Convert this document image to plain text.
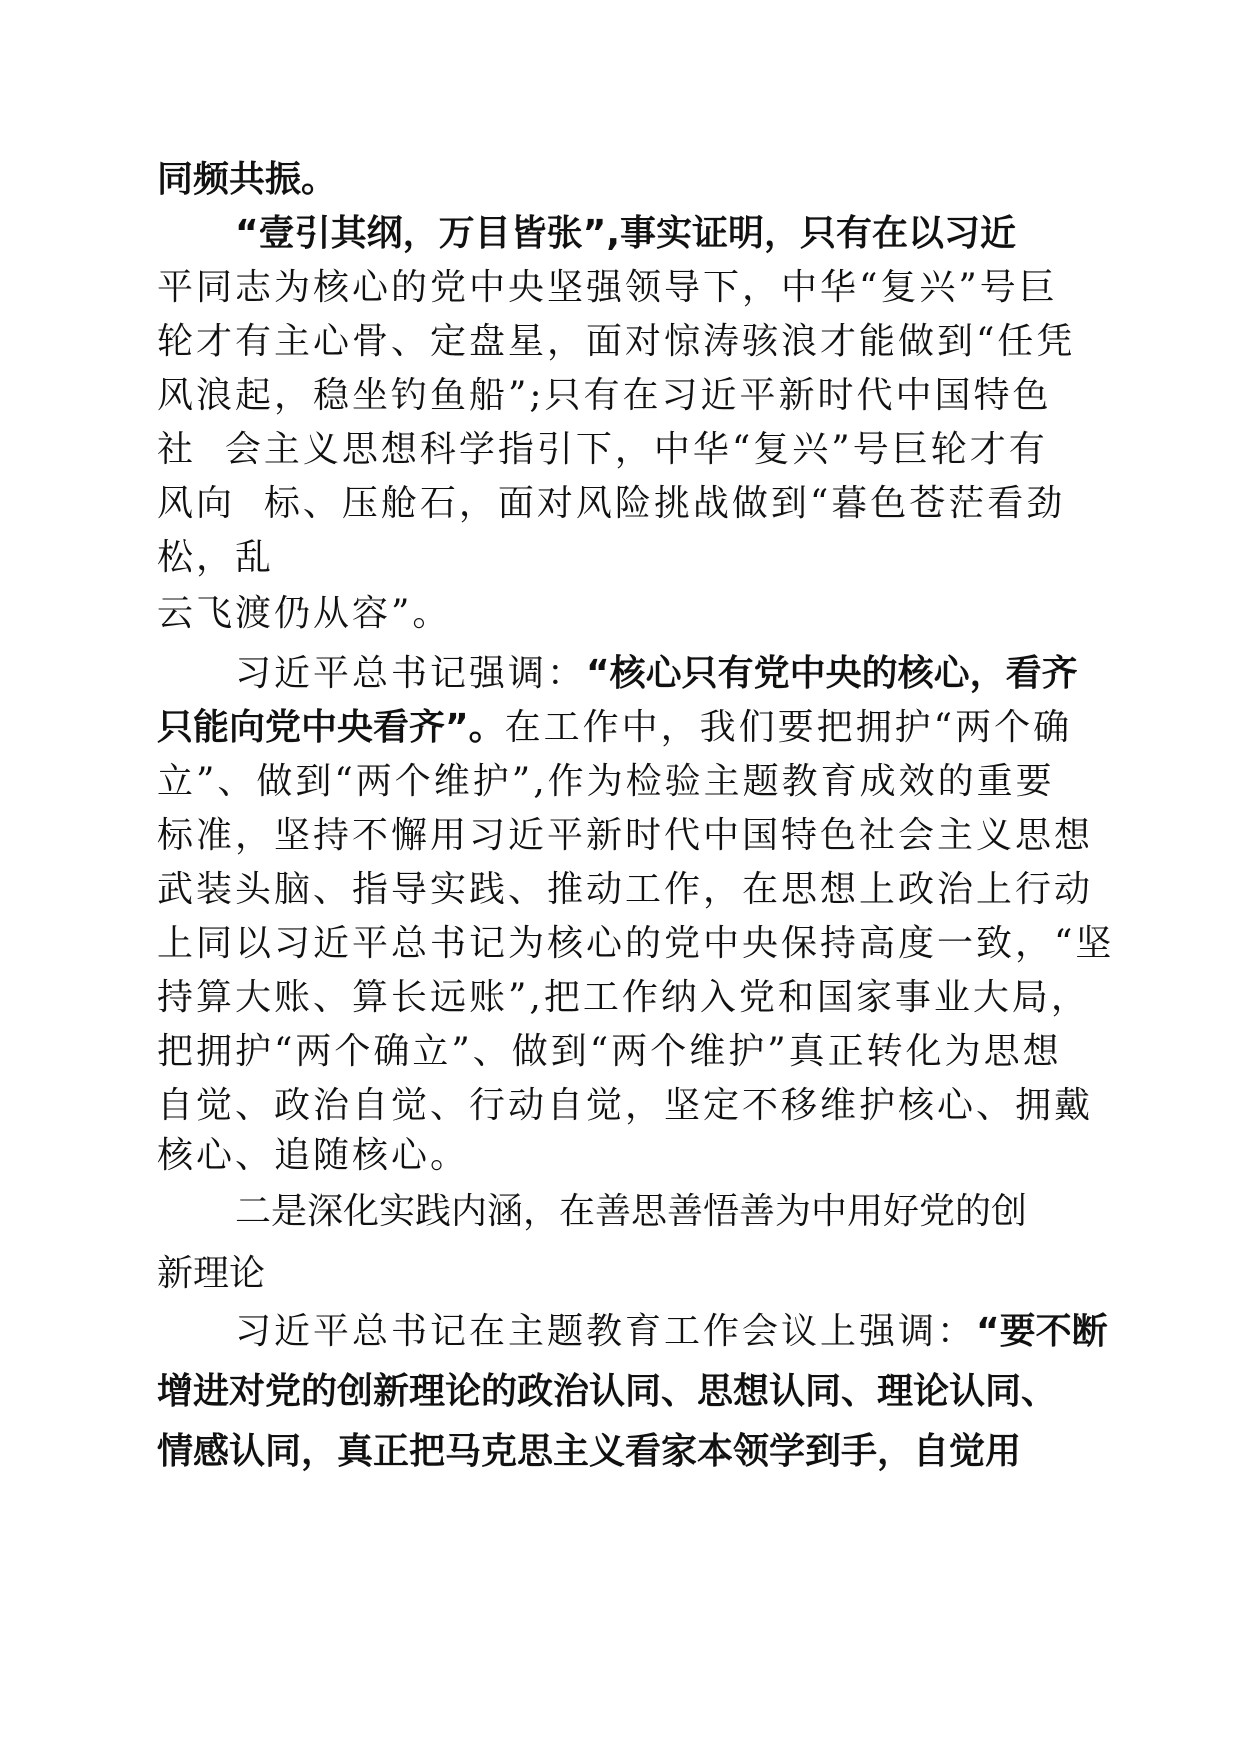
同频共振。

“壹引其纲，万目皆张”,事实证明，只有在以习近

平同志为核心的党中央坚强领导下，中华“复兴”号巨

轮才有主心骨、定盘星，面对惊涛骇浪才能做到“任凭

风浪起，稳坐钓鱼船”;只有在习近平新时代中国特色

社  会主义思想科学指引下，中华“复兴”号巨轮才有

风向  标、压舱石，面对风险挑战做到“暮色苍茫看劲

松，乱

云飞渡仍从容”。

习近平总书记强调：“核心只有党中央的核心，看齐

只能向党中央看齐”。在工作中，我们要把拥护“两个确

立”、做到“两个维护”,作为检验主题教育成效的重要

标准，坚持不懈用习近平新时代中国特色社会主义思想

武装头脑、指导实践、推动工作，在思想上政治上行动

上同以习近平总书记为核心的党中央保持高度一致，“坚

持算大账、算长远账”,把工作纳入党和国家事业大局，

把拥护“两个确立”、做到“两个维护”真正转化为思想

自觉、政治自觉、行动自觉，坚定不移维护核心、拥戴

核心、追随核心。

二是深化实践内涵，在善思善悟善为中用好党的创

新理论

习近平总书记在主题教育工作会议上强调：“要不断

增进对党的创新理论的政治认同、思想认同、理论认同、

情感认同，真正把马克思主义看家本领学到手，自觉用
